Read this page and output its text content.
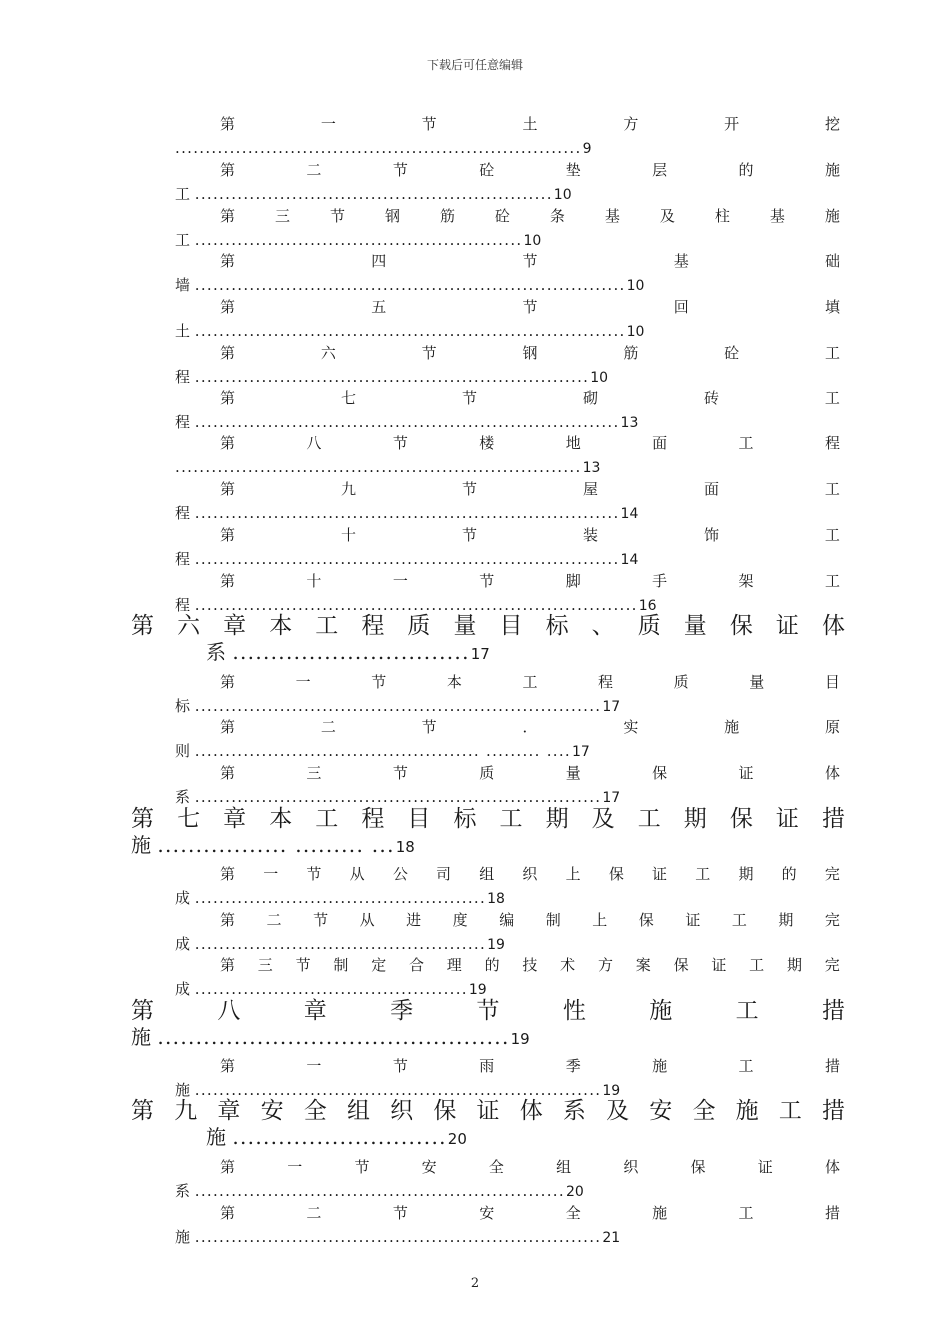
下载后可任意编辑
第	一	节	土	方	开	挖
...................................................................9
第	二	节	砼	垫	层	的	施
工 ...........................................................10
第	三	节	钢	筋	砼	条	基	及	柱	基	施
工 ......................................................10
第	四	节	基	础
墙 .......................................................................10
第	五	节	回	填
土 .......................................................................10
第	六	节	钢	筋	砼	工
程 .................................................................10
第	七	节	砌	砖	工
程 ......................................................................13
第	八	节	楼	地	面	工	程
...................................................................13
第	九	节	屋	面	工
程 ......................................................................14
第	十	节	装	饰	工
程 ......................................................................14
第	十	一	节	脚	手	架	工
程 .........................................................................16
第 六 章 本 工 程 质 量 目 标 、 质 量 保 证 体
系 ...............................17
第	一	节	本	工	程	质	量	目
标 ...................................................................17
第	二	节	．	实	施	原
则 ............................................... ......... ....17
第	三	节	质	量	保	证	体
系 ...................................................................17
第 七 章 本 工 程 目 标 工 期 及 工 期 保 证 措
施 ................. ......... ...18
第 一 节 从 公 司 组 织 上 保 证 工 期 的 完
成 ................................................18
第 二 节 从 进 度 编 制 上 保 证 工 期 完
成 ................................................19
第 三 节 制 定 合 理 的 技 术 方 案 保 证 工 期 完
成 .............................................19
第	八	章	季	节	性	施	工	措
施 ..............................................19
第	一	节	雨	季	施	工	措
施 ...................................................................19
第 九 章 安 全 组 织 保 证 体 系 及 安 全 施 工 措
施 ............................20
第	一	节	安	全	组	织	保	证	体
系 .............................................................20
第	二	节	安	全	施	工	措
施 ...................................................................21
2
